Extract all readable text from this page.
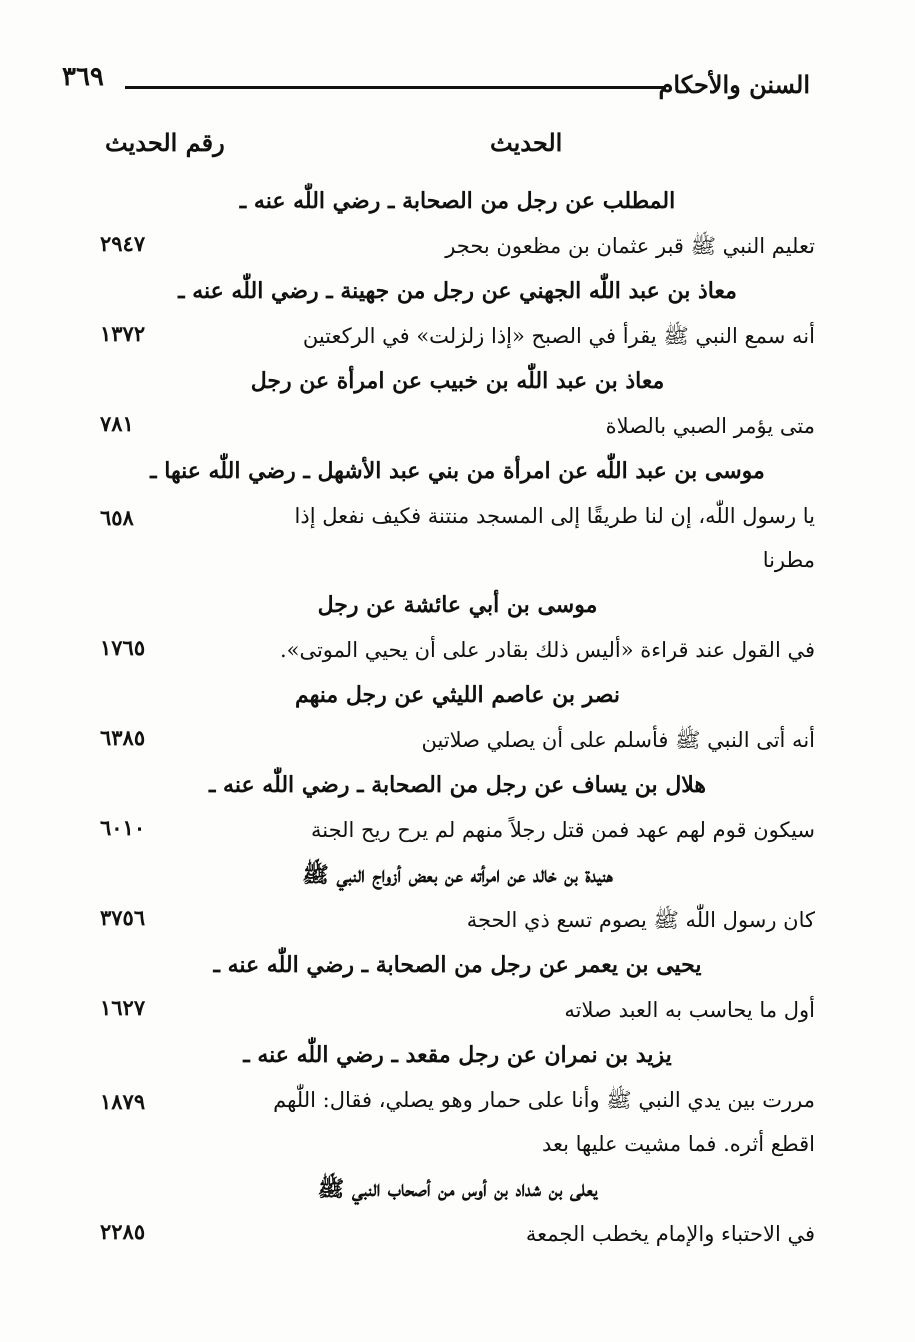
٣٦٩	السنن والأحكام
الحديث
رقم الحديث
المطلب عن رجل من الصحابة ـ رضي اللّٰه عنه ـ
تعليم النبي ﷺ قبر عثمان بن مظعون بحجر
٢٩٤٧
معاذ بن عبد اللّٰه الجهني عن رجل من جهينة ـ رضي اللّٰه عنه ـ
أنه سمع النبي ﷺ يقرأ في الصبح «إذا زلزلت» في الركعتين
١٣٧٢
معاذ بن عبد اللّٰه بن خبيب عن امرأة عن رجل
متى يؤمر الصبي بالصلاة
٧٨١
موسى بن عبد اللّٰه عن امرأة من بني عبد الأشهل ـ رضي اللّٰه عنها ـ
يا رسول اللّٰه، إن لنا طريقًا إلى المسجد منتنة فكيف نفعل إذا مطرنا
٦٥٨
موسى بن أبي عائشة عن رجل
في القول عند قراءة «أليس ذلك بقادر على أن يحيي الموتى».
١٧٦٥
نصر بن عاصم الليثي عن رجل منهم
أنه أتى النبي ﷺ فأسلم على أن يصلي صلاتين
٦٣٨٥
هلال بن يساف عن رجل من الصحابة ـ رضي اللّٰه عنه ـ
سيكون قوم لهم عهد فمن قتل رجلاً منهم لم يرح ريح الجنة
٦٠١٠
هنيدة بن خالد عن امرأته عن بعض أزواج النبي ﷺ
كان رسول اللّٰه ﷺ يصوم تسع ذي الحجة
٣٧٥٦
يحيى بن يعمر عن رجل من الصحابة ـ رضي اللّٰه عنه ـ
أول ما يحاسب به العبد صلاته
١٦٢٧
يزيد بن نمران عن رجل مقعد ـ رضي اللّٰه عنه ـ
مررت بين يدي النبي ﷺ وأنا على حمار وهو يصلي، فقال: اللّٰهم اقطع أثره. فما مشيت عليها بعد
١٨٧٩
يعلى بن شداد بن أوس من أصحاب النبي ﷺ
في الاحتباء والإمام يخطب الجمعة
٢٢٨٥
